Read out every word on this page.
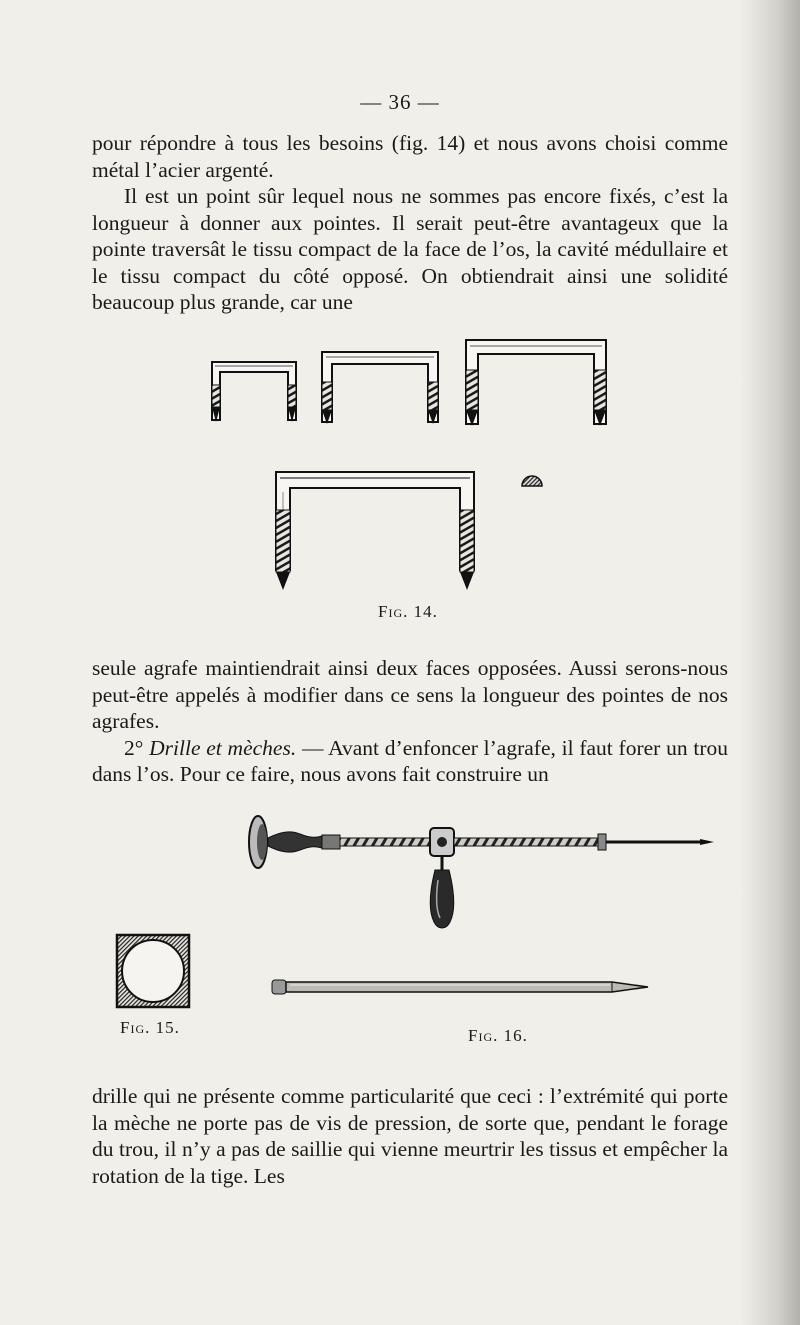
— 36 —

pour répondre à tous les besoins (fig. 14) et nous avons choisi comme métal l’acier argenté.

Il est un point sûr lequel nous ne sommes pas encore fixés, c’est la longueur à donner aux pointes. Il serait peut-être avantageux que la pointe traversât le tissu compact de la face de l’os, la cavité médullaire et le tissu compact du côté opposé. On obtiendrait ainsi une solidité beaucoup plus grande, car une

Fig. 14.

seule agrafe maintiendrait ainsi deux faces opposées. Aussi serons-nous peut-être appelés à modifier dans ce sens la longueur des pointes de nos agrafes.

2° Drille et mèches. — Avant d’enfoncer l’agrafe, il faut forer un trou dans l’os. Pour ce faire, nous avons fait construire un

Fig. 15.	Fig. 16.

drille qui ne présente comme particularité que ceci : l’extrémité qui porte la mèche ne porte pas de vis de pression, de sorte que, pendant le forage du trou, il n’y a pas de saillie qui vienne meurtrir les tissus et empêcher la rotation de la tige. Les
